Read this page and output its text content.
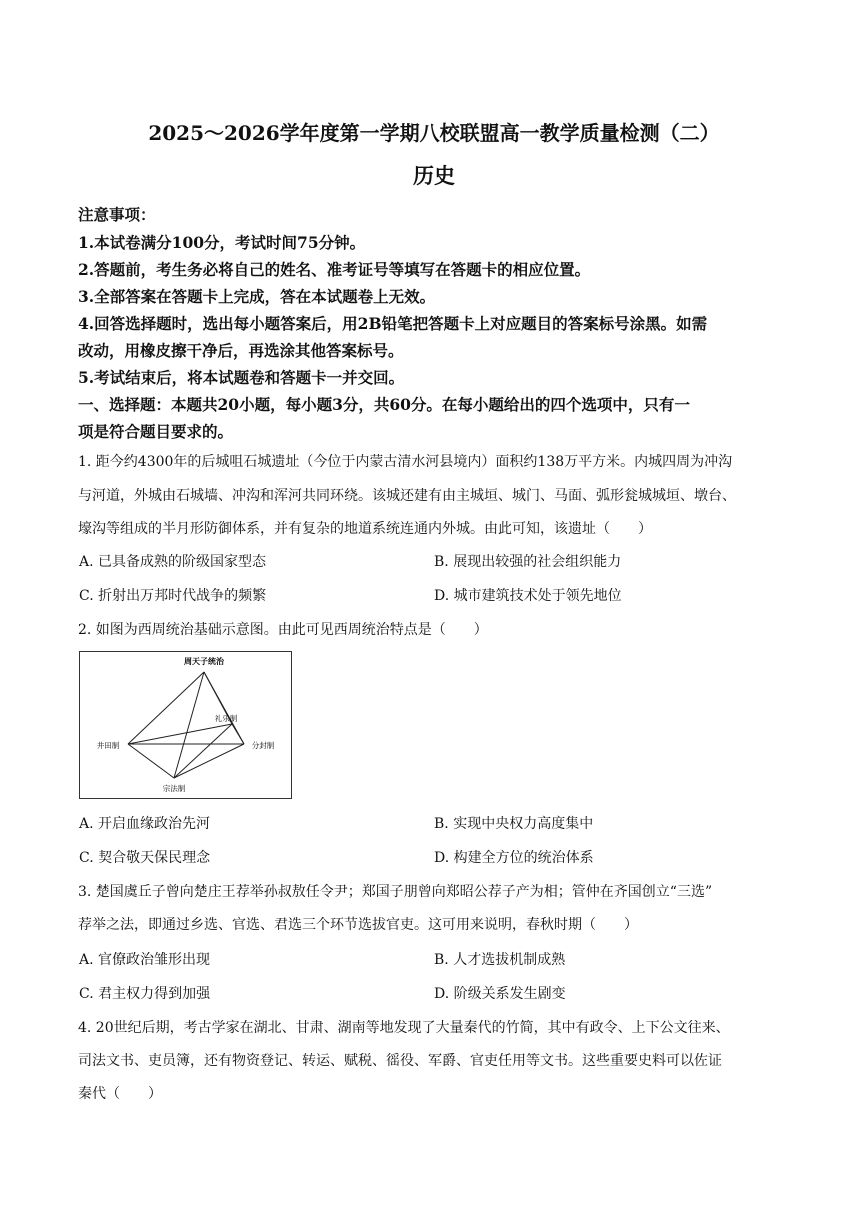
2025～2026学年度第一学期八校联盟高一教学质量检测（二）
历史
注意事项：
1.本试卷满分100分，考试时间75分钟。
2.答题前，考生务必将自己的姓名、准考证号等填写在答题卡的相应位置。
3.全部答案在答题卡上完成，答在本试题卷上无效。
4.回答选择题时，选出每小题答案后，用2B铅笔把答题卡上对应题目的答案标号涂黑。如需
改动，用橡皮擦干净后，再选涂其他答案标号。
5.考试结束后，将本试题卷和答题卡一并交回。
一、选择题：本题共20小题，每小题3分，共60分。在每小题给出的四个选项中，只有一
项是符合题目要求的。
1. 距今约4300年的后城咀石城遗址（今位于内蒙古清水河县境内）面积约138万平方米。内城四周为冲沟
与河道，外城由石城墙、冲沟和浑河共同环绕。该城还建有由主城垣、城门、马面、弧形瓮城城垣、墩台、
壕沟等组成的半月形防御体系，并有复杂的地道系统连通内外城。由此可知，该遗址（　　）
A. 已具备成熟的阶级国家型态	B. 展现出较强的社会组织能力
C. 折射出万邦时代战争的频繁	D. 城市建筑技术处于领先地位
2. 如图为西周统治基础示意图。由此可见西周统治特点是（　　）
周天子统治
井田制	分封制
宗法制
礼乐制
A. 开启血缘政治先河	B. 实现中央权力高度集中
C. 契合敬天保民理念	D. 构建全方位的统治体系
3. 楚国虞丘子曾向楚庄王荐举孙叔敖任令尹；郑国子朋曾向郑昭公荐子产为相；管仲在齐国创立“三选”
荐举之法，即通过乡选、官选、君选三个环节选拔官吏。这可用来说明，春秋时期（　　）
A. 官僚政治雏形出现	B. 人才选拔机制成熟
C. 君主权力得到加强	D. 阶级关系发生剧变
4. 20世纪后期，考古学家在湖北、甘肃、湖南等地发现了大量秦代的竹简，其中有政令、上下公文往来、
司法文书、吏员簿，还有物资登记、转运、赋税、徭役、军爵、官吏任用等文书。这些重要史料可以佐证
秦代（　　）
